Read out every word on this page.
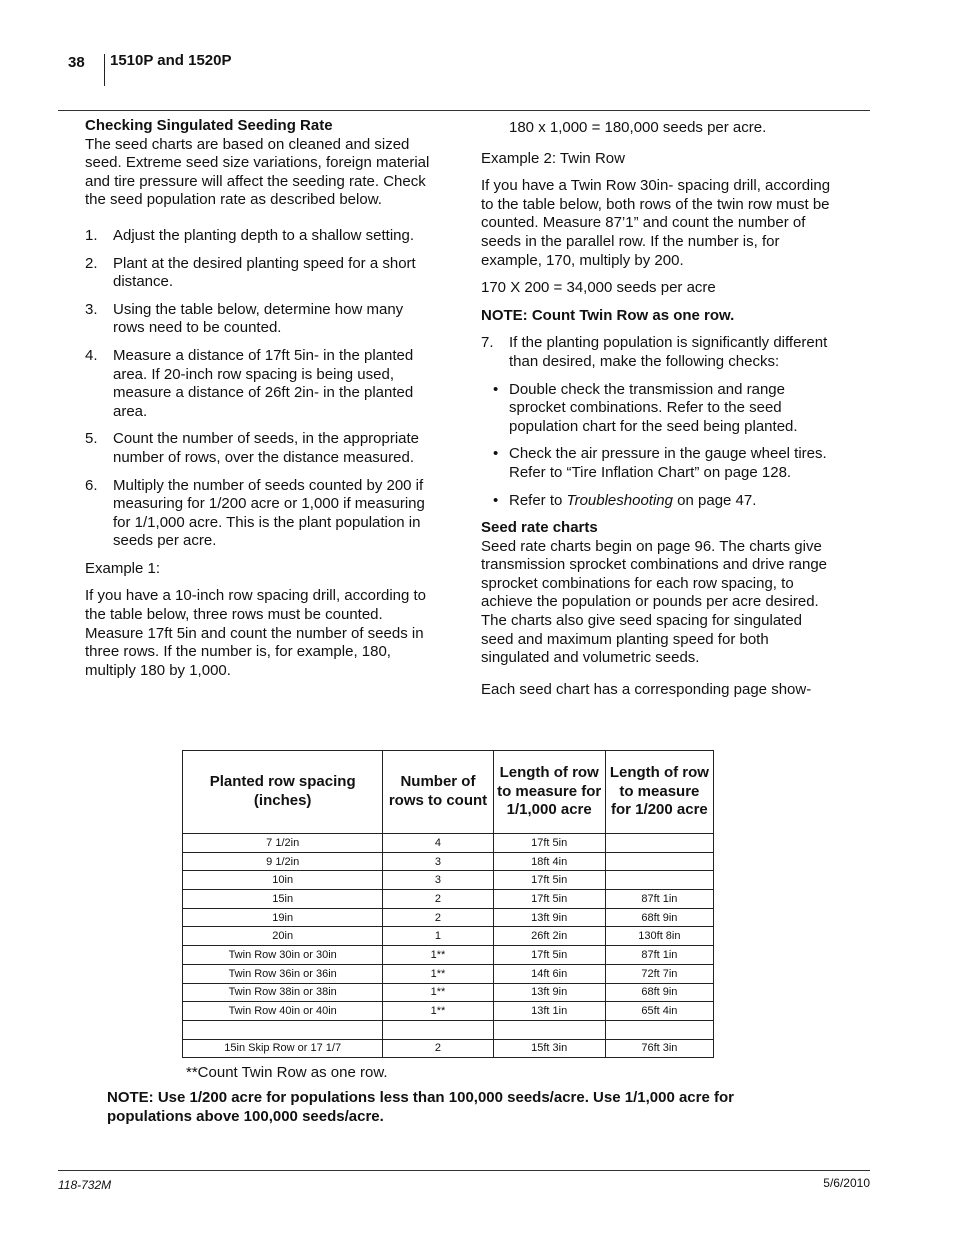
38 1510P and 1520P

Checking Singulated Seeding Rate

The seed charts are based on cleaned and sized seed. Extreme seed size variations, foreign material and tire pressure will affect the seeding rate. Check the seed population rate as described below.

1. Adjust the planting depth to a shallow setting.
2. Plant at the desired planting speed for a short distance.
3. Using the table below, determine how many rows need to be counted.
4. Measure a distance of 17ft 5in- in the planted area. If 20-inch row spacing is being used, measure a distance of 26ft 2in- in the planted area.
5. Count the number of seeds, in the appropriate number of rows, over the distance measured.
6. Multiply the number of seeds counted by 200 if measuring for 1/200 acre or 1,000 if measuring for 1/1,000 acre. This is the plant population in seeds per acre.

Example 1:

If you have a 10-inch row spacing drill, according to the table below, three rows must be counted. Measure 17ft 5in and count the number of seeds in three rows. If the number is, for example, 180, multiply 180 by 1,000.

180 x 1,000 = 180,000 seeds per acre.

Example 2: Twin Row

If you have a Twin Row 30in- spacing drill, according to the table below, both rows of the twin row must be counted. Measure 87’1” and count the number of seeds in the parallel row. If the number is, for example, 170, multiply by 200.

170 X 200 = 34,000 seeds per acre

NOTE: Count Twin Row as one row.

7. If the planting population is significantly different than desired, make the following checks:
• Double check the transmission and range sprocket combinations. Refer to the seed population chart for the seed being planted.
• Check the air pressure in the gauge wheel tires. Refer to “Tire Inflation Chart” on page 128.
• Refer to Troubleshooting on page 47.

Seed rate charts

Seed rate charts begin on page 96. The charts give transmission sprocket combinations and drive range sprocket combinations for each row spacing, to achieve the population or pounds per acre desired. The charts also give seed spacing for singulated seed and maximum planting speed for both singulated and volumetric seeds.

Each seed chart has a corresponding page show-

Planted row spacing (inches)	Number of rows to count	Length of row to measure for 1/1,000 acre	Length of row to measure for 1/200 acre
7 1/2in	4	17ft 5in	
9 1/2in	3	18ft 4in	
10in	3	17ft 5in	
15in	2	17ft 5in	87ft 1in
19in	2	13ft 9in	68ft 9in
20in	1	26ft 2in	130ft 8in
Twin Row 30in or 30in	1**	17ft 5in	87ft 1in
Twin Row 36in or 36in	1**	14ft 6in	72ft 7in
Twin Row 38in or 38in	1**	13ft 9in	68ft 9in
Twin Row 40in or 40in	1**	13ft 1in	65ft 4in

15in Skip Row or 17 1/7	2	15ft 3in	76ft 3in
**Count Twin Row as one row.
NOTE: Use 1/200 acre for populations less than 100,000 seeds/acre. Use 1/1,000 acre for populations above 100,000 seeds/acre.
118-732M	5/6/2010
